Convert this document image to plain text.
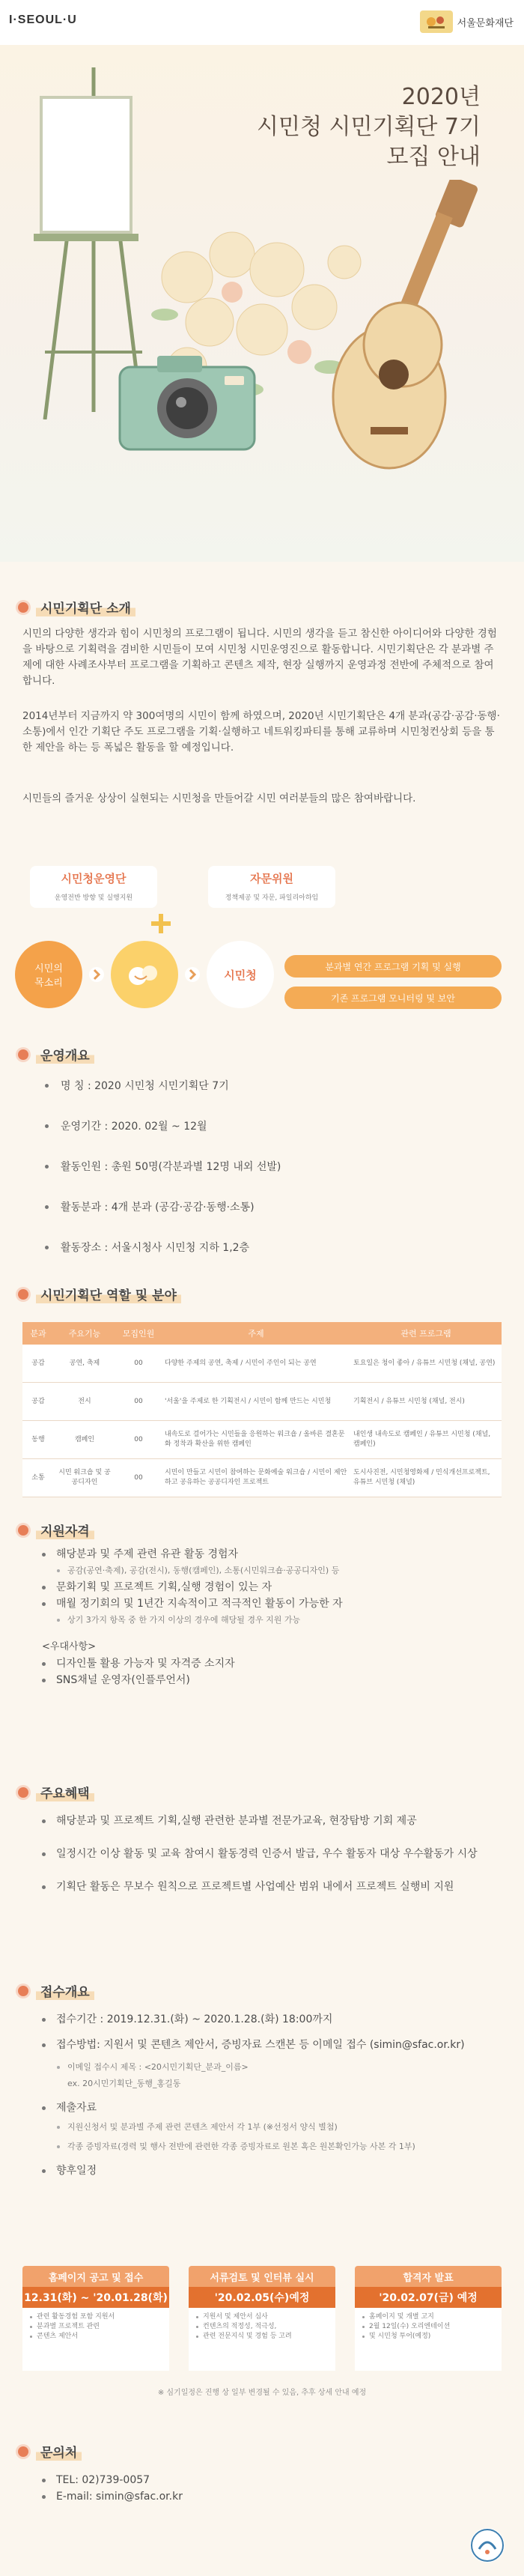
I·SEOUL·U	서울문화재단
2020년
시민청 시민기획단 7기
모집 안내
시민기획단 소개
시민의 다양한 생각과 힘이 시민청의 프로그램이 됩니다. 시민의 생각을 듣고 참신한 아이디어와 다양한 경험을 바탕으로 기획력을 겸비한 시민들이 모여 시민청 시민운영진으로 활동합니다. 시민기획단은 각 분과별 주제에 대한 사례조사부터 프로그램을 기획하고 콘텐츠 제작, 현장 실행까지 운영과정 전반에 주체적으로 참여합니다.
2014년부터 지금까지 약 300여명의 시민이 함께 하였으며, 2020년 시민기획단은 4개 분과(공감·공감·동행·소통)에서 인간 기획단 주도 프로그램을 기획·실행하고 네트워킹파티를 통해 교류하며 시민청컨상회 등을 통한 제안을 하는 등 폭넓은 활동을 할 예정입니다.
시민들의 즐거운 상상이 실현되는 시민청을 만들어갈 시민 여러분들의 많은 참여바랍니다.
시민청운영단
운영전반 방향 및 실행지원
자문위원
정책제공 및 자문, 파일리아하임
시민의
목소리
시민청
분과별 연간 프로그램 기획 및 실행
기존 프로그램 모니터링 및 보안
운영개요
명 칭 : 2020 시민청 시민기획단 7기
운영기간 : 2020. 02월 ~ 12월
활동인원 : 총원 50명(각분과별 12명 내외 선발)
활동분과 : 4개 분과 (공감·공감·동행·소통)
활동장소 : 서울시청사 시민청 지하 1,2층
시민기획단 역할 및 분야
분과	주요기능	모집인원	주제	관련 프로그램
공감	공연, 축제	00	다양한 주제의 공연, 축제 / 시민이 주인이 되는 공연	토요일은 청이 좋아 / 유튜브 시민청 (채널, 공연)
공감	전시	00	'서울'을 주제로 한 기획전시 / 시민이 함께 만드는 시민청	기획전시 / 유튜브 시민청 (채널, 전시)
동행	캠페인	00	내속도로 걸어가는 시민들을 응원하는 워크숍 / 올바른 결혼문화 정착과 확산을 위한 캠페인	내인생 내속도로 캠페인 / 유튜브 시민청 (채널, 캠페인)
소통	시민 워크숍 및 공공디자인	00	시민이 만들고 시민이 참여하는 문화예술 워크숍 / 시민이 제안하고 공유하는 공공디자인 프로젝트	도시사진전, 시민청영화제 / 민식개선프로젝트, 유튜브 시민청 (채널)
지원자격
해당분과 및 주제 관련 유관 활동 경험자
공감(공연·축제), 공감(전시), 동행(캠페인), 소통(시민워크숍·공공디자인) 등
문화기획 및 프로젝트 기획,실행 경험이 있는 자
매월 정기회의 및 1년간 지속적이고 적극적인 활동이 가능한 자
상기 3가지 항목 중 한 가지 이상의 경우에 해당될 경우 지원 가능
<우대사항>
디자인툴 활용 가능자 및 자격증 소지자
SNS채널 운영자(인플루언서)
주요혜택
해당분과 및 프로젝트 기획,실행 관련한 분과별 전문가교육, 현장탐방 기회 제공
일정시간 이상 활동 및 교육 참여시 활동경력 인증서 발급, 우수 활동자 대상 우수활동가 시상
기획단 활동은 무보수 원칙으로 프로젝트별 사업예산 범위 내에서 프로젝트 실행비 지원
접수개요
접수기간 : 2019.12.31.(화) ~ 2020.1.28.(화) 18:00까지
접수방법: 지원서 및 콘텐츠 제안서, 증빙자료 스캔본 등 이메일 접수 (simin@sfac.or.kr)
이메일 접수시 제목 : <20시민기획단_분과_이름>
ex. 20시민기획단_동행_홍길동
제출자료
지원신청서 및 분과별 주제 관련 콘텐츠 제안서 각 1부 (※선정서 양식 별첨)
각종 증빙자료(경력 및 행사 전반에 관련한 각종 증빙자료로 원본 혹은 원본확인가능 사본 각 1부)
향후일정
홈페이지 공고 및 접수
12.31(화) ~ '20.01.28(화)
관련 활동경험 포함 지원서
분과별 프로젝트 관련
콘텐츠 제안서
서류검토 및 인터뷰 실시
'20.02.05(수)예정
지원서 및 제안서 심사
컨텐츠의 적정성, 적극성,
관련 전문지식 및 경험 등 고려
합격자 발표
'20.02.07(금) 예정
홈페이지 및 개별 고지
2월 12일(수) 오리엔테이션
및 시민청 투어(예정)
※ 심기일정은 진행 상 일부 변경될 수 있음, 추후 상세 안내 예정
문의처
TEL: 02)739-0057
E-mail: simin@sfac.or.kr
